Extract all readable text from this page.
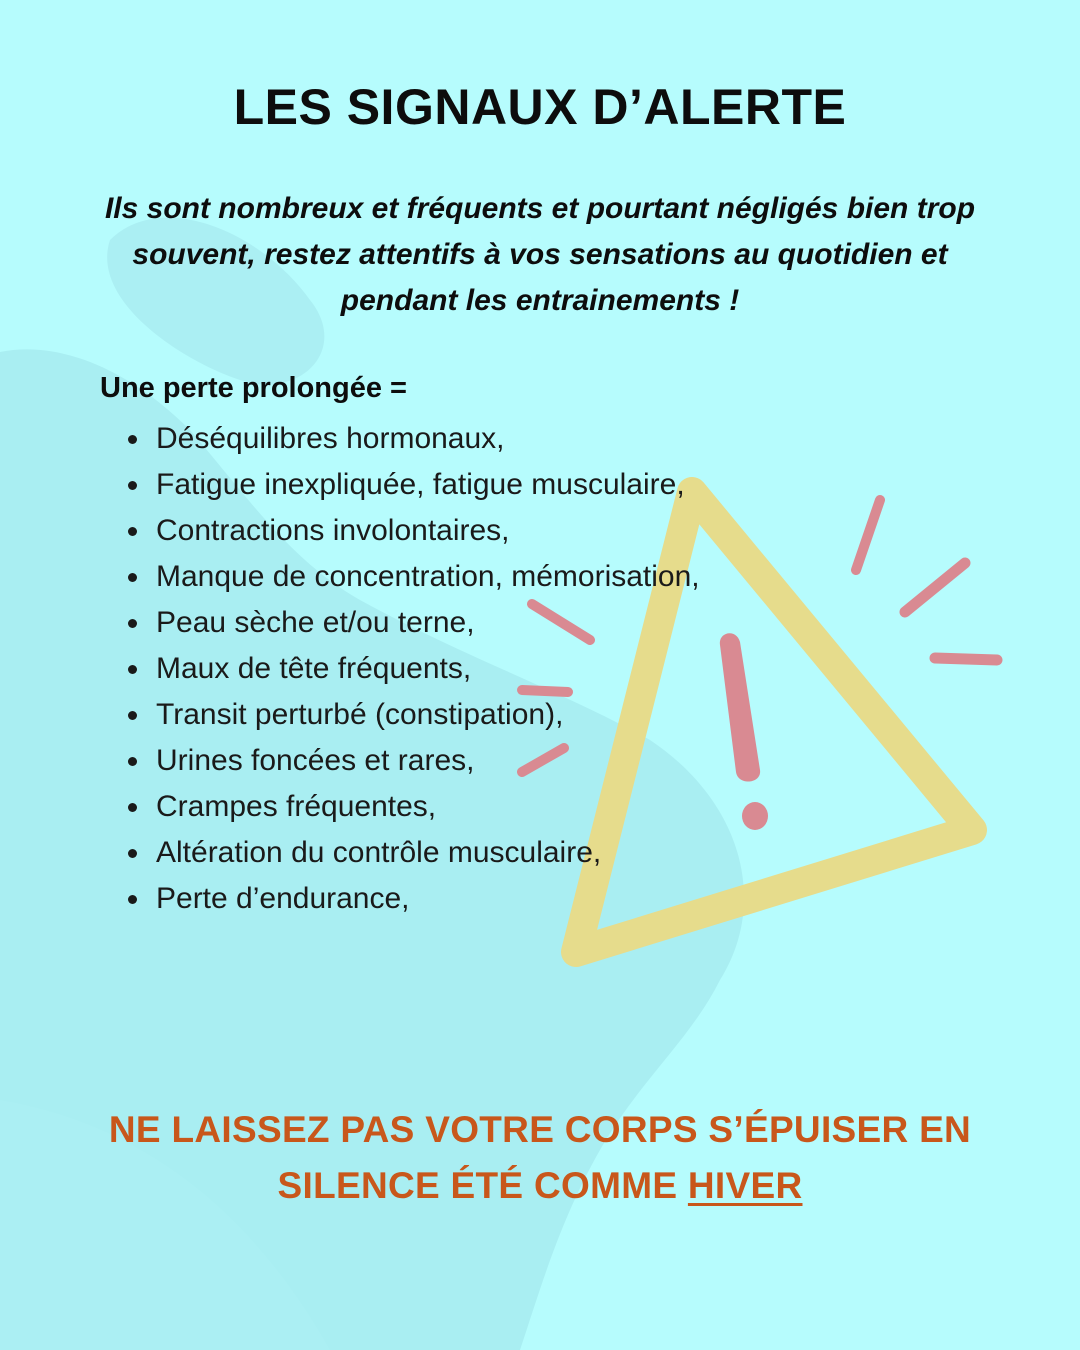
LES SIGNAUX D’ALERTE

Ils sont nombreux et fréquents et pourtant négligés bien trop souvent, restez attentifs à vos sensations au quotidien et pendant les entrainements !

Une perte prolongée =

Déséquilibres hormonaux,
Fatigue inexpliquée, fatigue musculaire,
Contractions involontaires,
Manque de concentration, mémorisation,
Peau sèche et/ou terne,
Maux de tête fréquents,
Transit perturbé (constipation),
Urines foncées et rares,
Crampes fréquentes,
Altération du contrôle musculaire,
Perte d’endurance,

NE LAISSEZ PAS VOTRE CORPS S’ÉPUISER EN SILENCE ÉTÉ COMME HIVER
